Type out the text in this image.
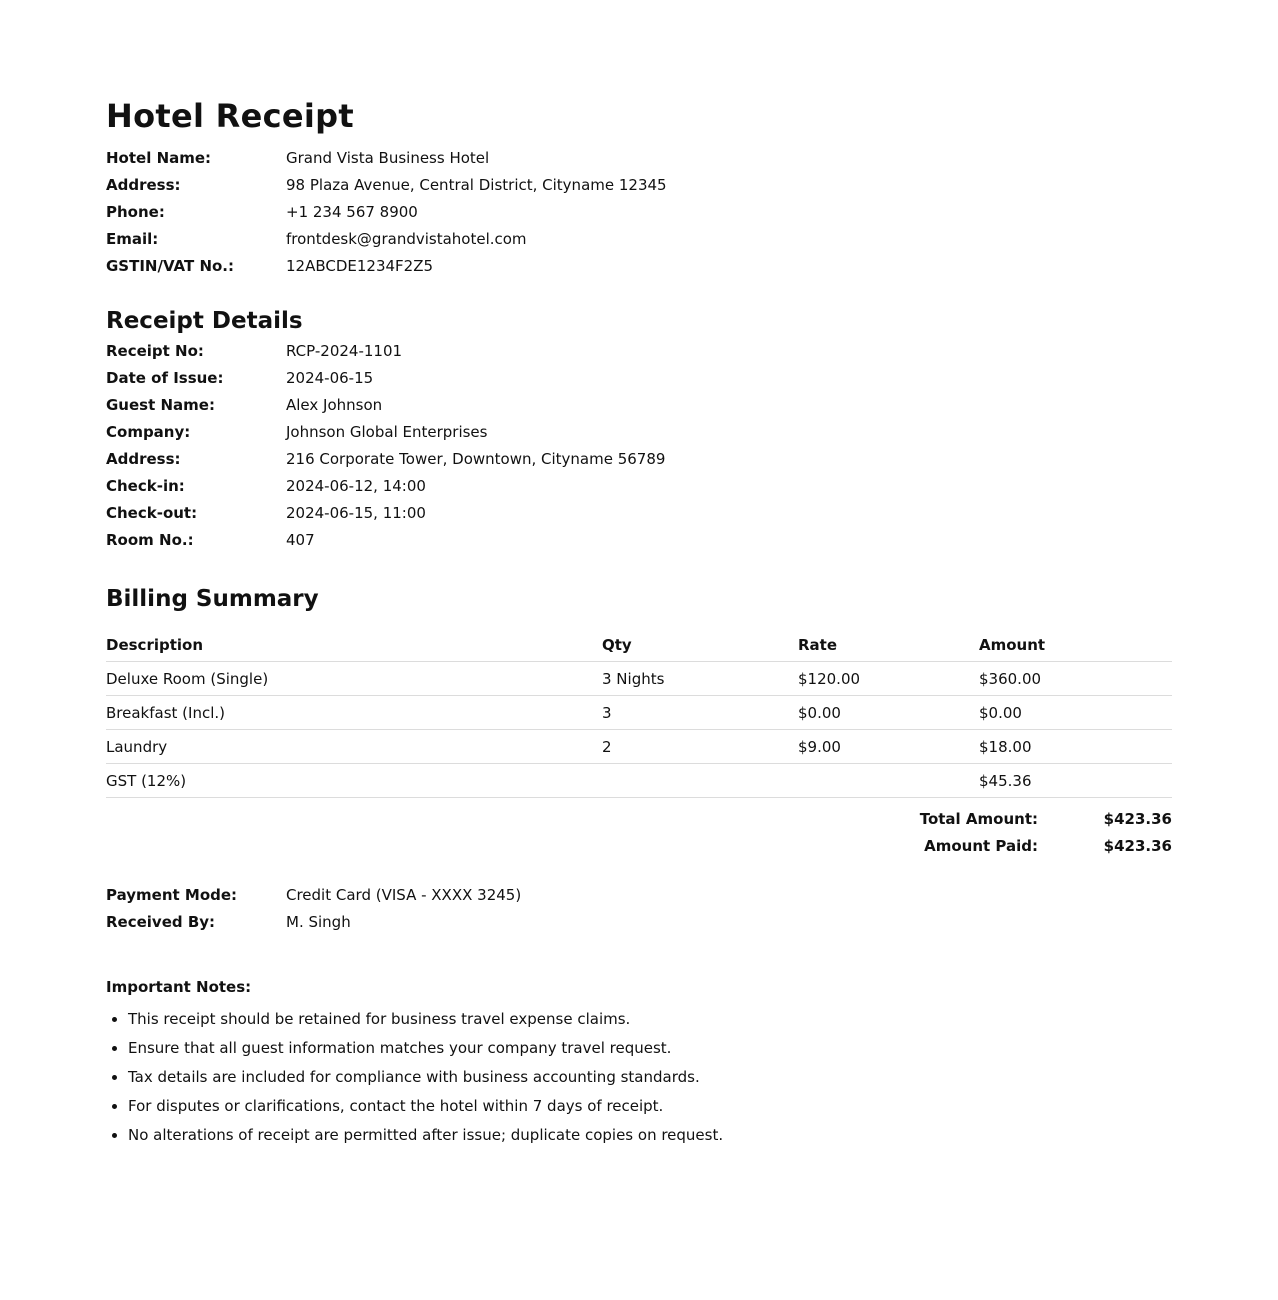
Hotel Receipt
Hotel Name:	Grand Vista Business Hotel
Address:	98 Plaza Avenue, Central District, Cityname 12345
Phone:	+1 234 567 8900
Email:	frontdesk@grandvistahotel.com
GSTIN/VAT No.:	12ABCDE1234F2Z5
Receipt Details
Receipt No:	RCP-2024-1101
Date of Issue:	2024-06-15
Guest Name:	Alex Johnson
Company:	Johnson Global Enterprises
Address:	216 Corporate Tower, Downtown, Cityname 56789
Check-in:	2024-06-12, 14:00
Check-out:	2024-06-15, 11:00
Room No.:	407
Billing Summary
Description	Qty	Rate	Amount
Deluxe Room (Single)	3 Nights	$120.00	$360.00
Breakfast (Incl.)	3	$0.00	$0.00
Laundry	2	$9.00	$18.00
GST (12%)			$45.36
Total Amount:	$423.36
Amount Paid:	$423.36
Payment Mode:	Credit Card (VISA - XXXX 3245)
Received By:	M. Singh
Important Notes:
• This receipt should be retained for business travel expense claims.
• Ensure that all guest information matches your company travel request.
• Tax details are included for compliance with business accounting standards.
• For disputes or clarifications, contact the hotel within 7 days of receipt.
• No alterations of receipt are permitted after issue; duplicate copies on request.
